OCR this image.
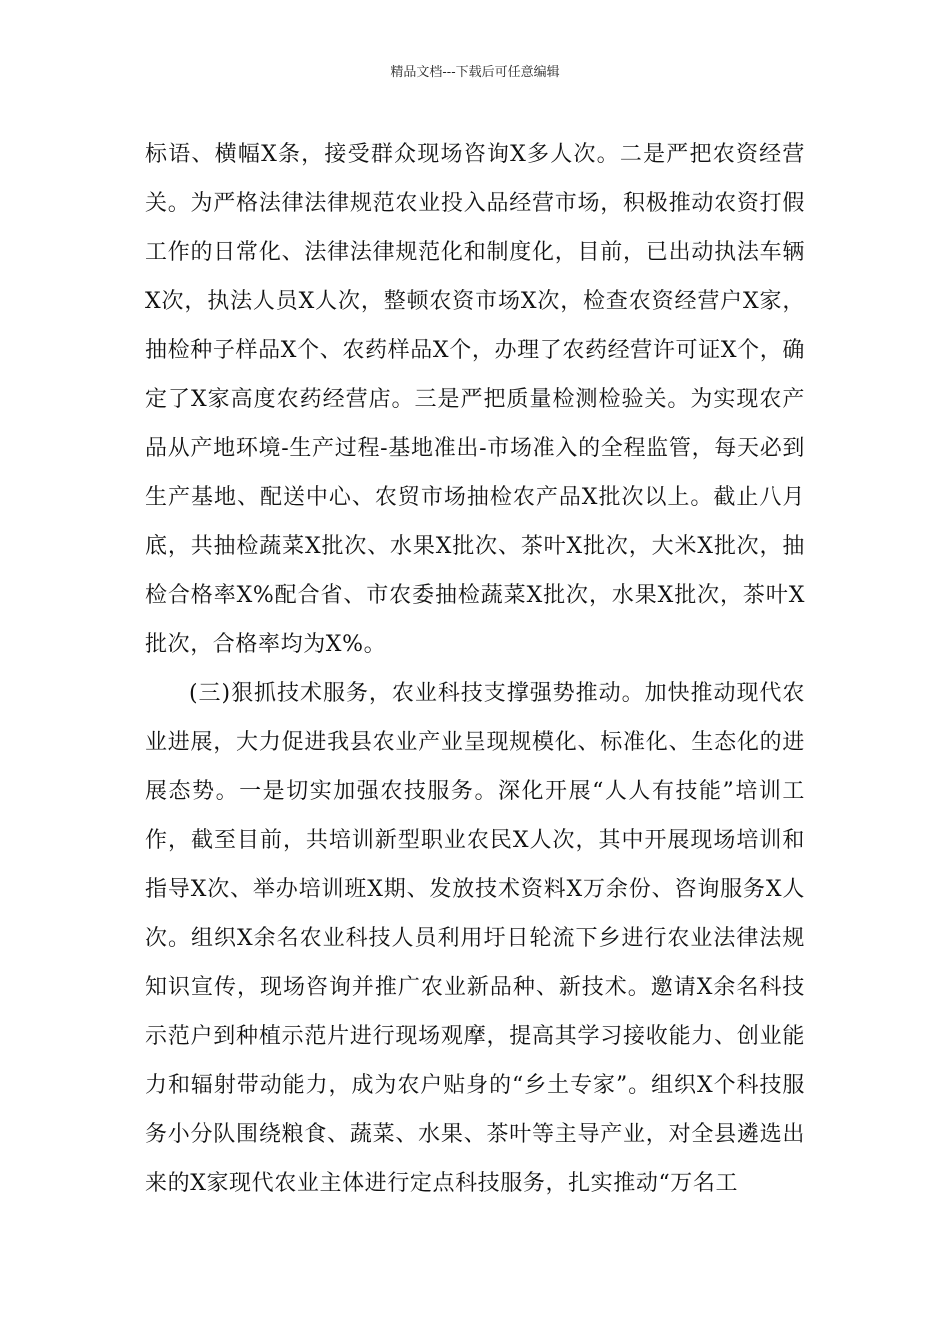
精品文档---下载后可任意编辑

标语、横幅X条，接受群众现场咨询X多人次。二是严把农资经营关。为严格法律法律规范农业投入品经营市场，积极推动农资打假工作的日常化、法律法律规范化和制度化，目前，已出动执法车辆X次，执法人员X人次，整顿农资市场X次，检查农资经营户X家，抽检种子样品X个、农药样品X个，办理了农药经营许可证X个，确定了X家高度农药经营店。三是严把质量检测检验关。为实现农产品从产地环境-生产过程-基地准出-市场准入的全程监管，每天必到生产基地、配送中心、农贸市场抽检农产品X批次以上。截止八月底，共抽检蔬菜X批次、水果X批次、茶叶X批次，大米X批次，抽检合格率X%配合省、市农委抽检蔬菜X批次，水果X批次，茶叶X批次，合格率均为X%。

(三)狠抓技术服务，农业科技支撑强势推动。加快推动现代农业进展，大力促进我县农业产业呈现规模化、标准化、生态化的进展态势。一是切实加强农技服务。深化开展“人人有技能”培训工作，截至目前，共培训新型职业农民X人次，其中开展现场培训和指导X次、举办培训班X期、发放技术资料X万余份、咨询服务X人次。组织X余名农业科技人员利用圩日轮流下乡进行农业法律法规知识宣传，现场咨询并推广农业新品种、新技术。邀请X余名科技示范户到种植示范片进行现场观摩，提高其学习接收能力、创业能力和辐射带动能力，成为农户贴身的“乡土专家”。组织X个科技服务小分队围绕粮食、蔬菜、水果、茶叶等主导产业，对全县遴选出来的X家现代农业主体进行定点科技服务，扎实推动“万名工
